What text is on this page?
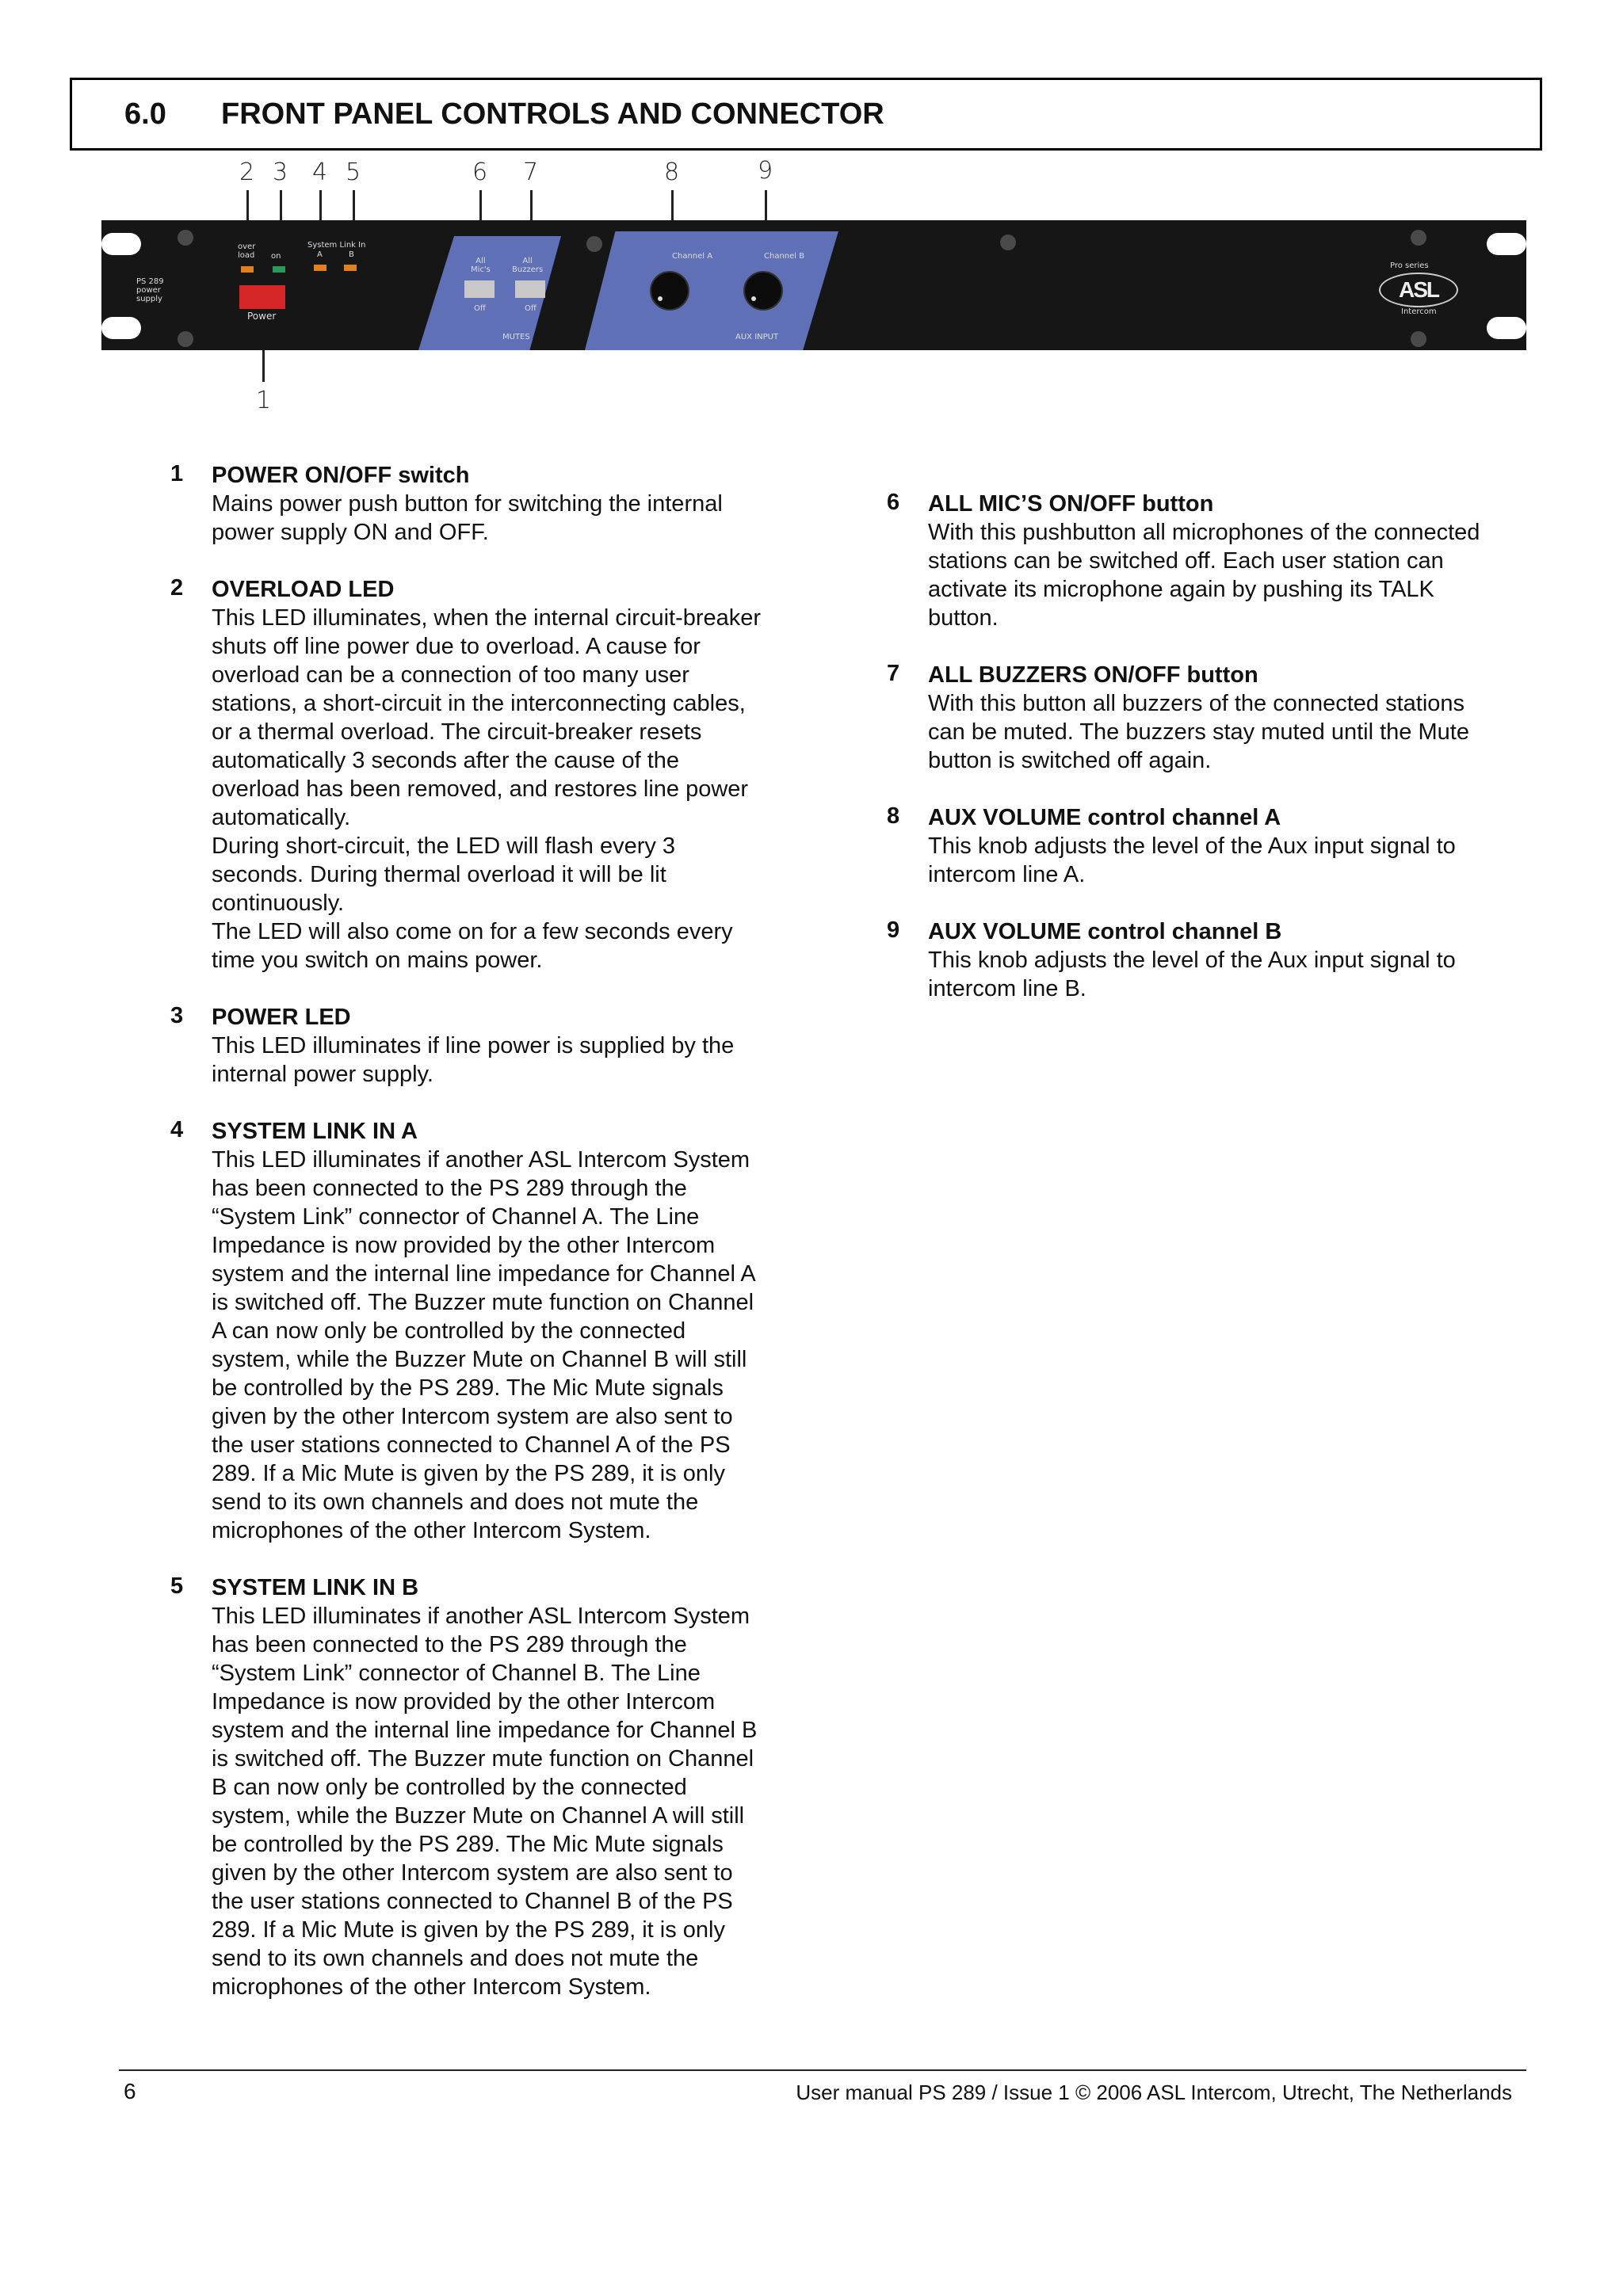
6.0 FRONT PANEL CONTROLS AND CONNECTOR
2 3 4 5	6 7	8	9
PS 289
power
supply
over
load on
System Link In
A	B
Power
All
Mic's
All
Buzzers
Off	Off
MUTES
Channel A	Channel B
AUX INPUT
Pro series
ASL
Intercom
1
1 POWER ON/OFF switch
Mains power push button for switching the internal
power supply ON and OFF.
2 OVERLOAD LED
This LED illuminates, when the internal circuit-breaker
shuts off line power due to overload. A cause for
overload can be a connection of too many user
stations, a short-circuit in the interconnecting cables,
or a thermal overload. The circuit-breaker resets
automatically 3 seconds after the cause of the
overload has been removed, and restores line power
automatically.
During short-circuit, the LED will flash every 3
seconds. During thermal overload it will be lit
continuously.
The LED will also come on for a few seconds every
time you switch on mains power.
3 POWER LED
This LED illuminates if line power is supplied by the
internal power supply.
4 SYSTEM LINK IN A
This LED illuminates if another ASL Intercom System
has been connected to the PS 289 through the
“System Link” connector of Channel A. The Line
Impedance is now provided by the other Intercom
system and the internal line impedance for Channel A
is switched off. The Buzzer mute function on Channel
A can now only be controlled by the connected
system, while the Buzzer Mute on Channel B will still
be controlled by the PS 289. The Mic Mute signals
given by the other Intercom system are also sent to
the user stations connected to Channel A of the PS
289. If a Mic Mute is given by the PS 289, it is only
send to its own channels and does not mute the
microphones of the other Intercom System.
5 SYSTEM LINK IN B
This LED illuminates if another ASL Intercom System
has been connected to the PS 289 through the
“System Link” connector of Channel B. The Line
Impedance is now provided by the other Intercom
system and the internal line impedance for Channel B
is switched off. The Buzzer mute function on Channel
B can now only be controlled by the connected
system, while the Buzzer Mute on Channel A will still
be controlled by the PS 289. The Mic Mute signals
given by the other Intercom system are also sent to
the user stations connected to Channel B of the PS
289. If a Mic Mute is given by the PS 289, it is only
send to its own channels and does not mute the
microphones of the other Intercom System.
6 ALL MIC’S ON/OFF button
With this pushbutton all microphones of the connected
stations can be switched off. Each user station can
activate its microphone again by pushing its TALK
button.
7 ALL BUZZERS ON/OFF button
With this button all buzzers of the connected stations
can be muted. The buzzers stay muted until the Mute
button is switched off again.
8 AUX VOLUME control channel A
This knob adjusts the level of the Aux input signal to
intercom line A.
9 AUX VOLUME control channel B
This knob adjusts the level of the Aux input signal to
intercom line B.
6	User manual PS 289 / Issue 1 © 2006 ASL Intercom, Utrecht, The Netherlands
